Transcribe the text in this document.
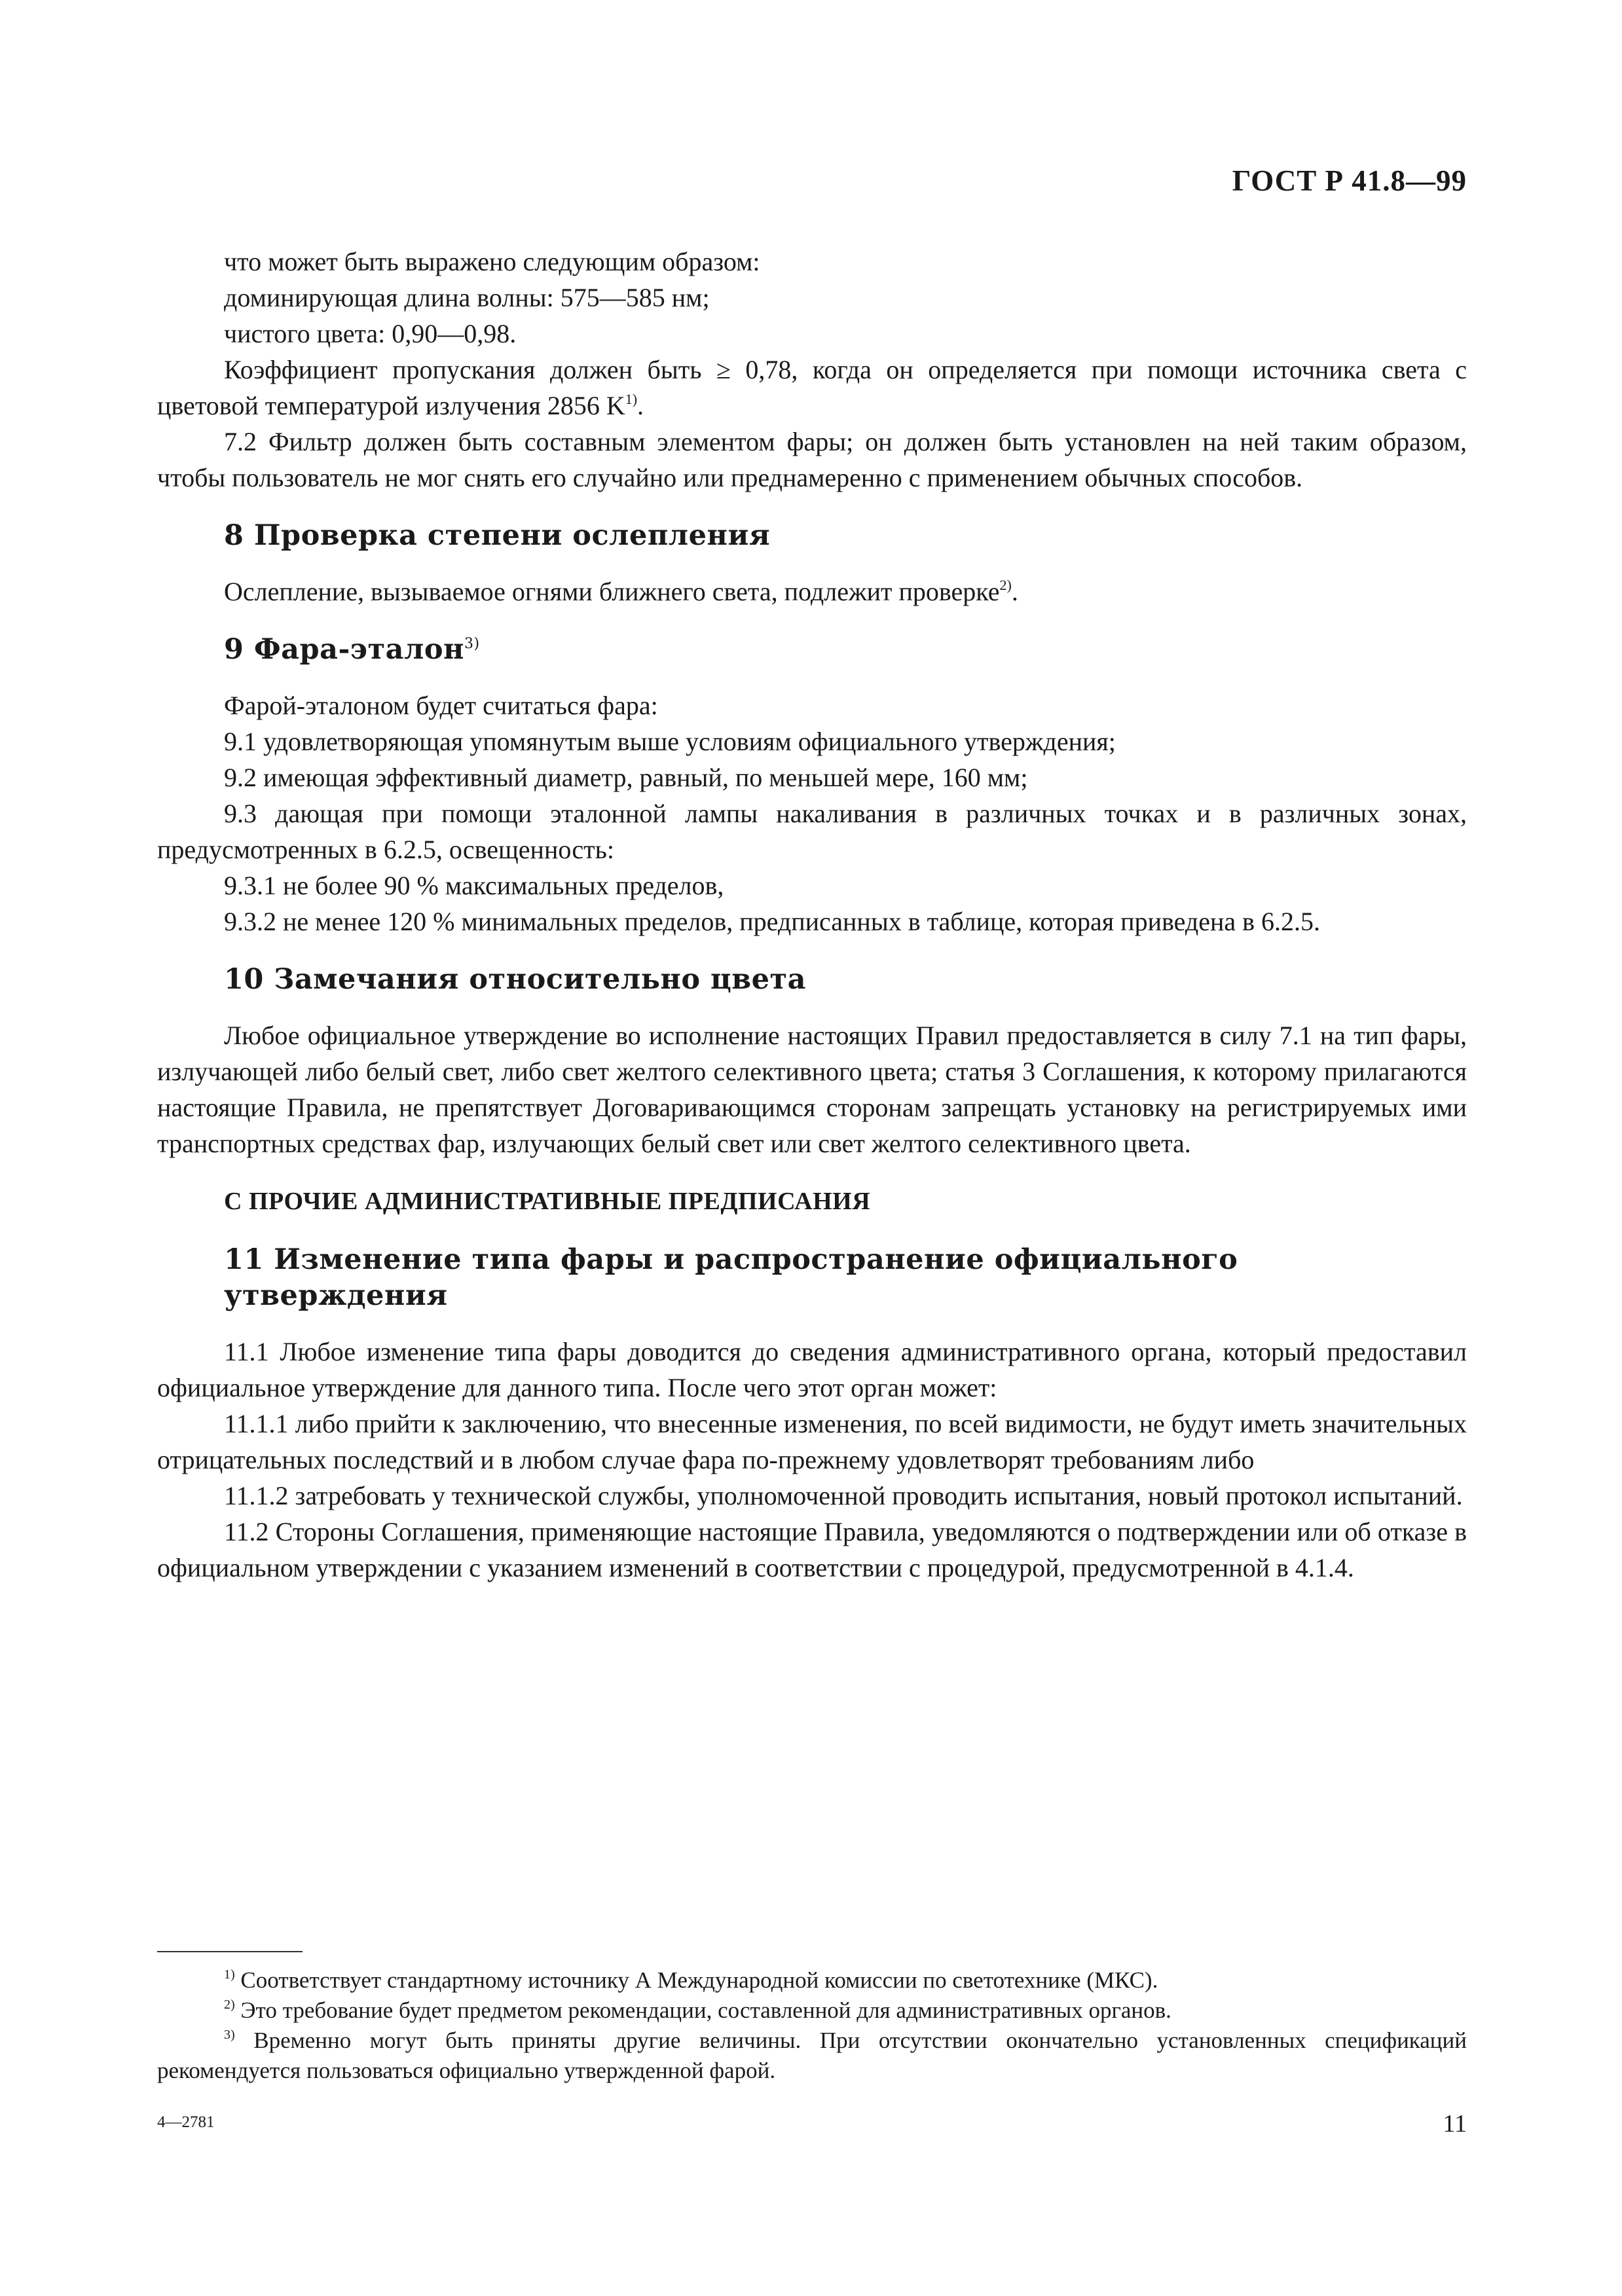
ГОСТ Р 41.8—99

что может быть выражено следующим образом:

доминирующая длина волны: 575—585 нм;

чистого цвета: 0,90—0,98.

Коэффициент пропускания должен быть ≥ 0,78, когда он определяется при помощи источника света с цветовой температурой излучения 2856 $K^{1)}$.

7.2 Фильтр должен быть составным элементом фары; он должен быть установлен на ней таким образом, чтобы пользователь не мог снять его случайно или преднамеренно с применением обычных способов.

8 Проверка степени ослепления

Ослепление, вызываемое огнями ближнего света, подлежит проверке$^{2)}$.

9 Фара-эталон$^{3)}$

Фарой-эталоном будет считаться фара:

9.1 удовлетворяющая упомянутым выше условиям официального утверждения;

9.2 имеющая эффективный диаметр, равный, по меньшей мере, 160 мм;

9.3 дающая при помощи эталонной лампы накаливания в различных точках и в различных зонах, предусмотренных в 6.2.5, освещенность:

9.3.1 не более 90 % максимальных пределов,

9.3.2 не менее 120 % минимальных пределов, предписанных в таблице, которая приведена в 6.2.5.

10 Замечания относительно цвета

Любое официальное утверждение во исполнение настоящих Правил предоставляется в силу 7.1 на тип фары, излучающей либо белый свет, либо свет желтого селективного цвета; статья 3 Соглашения, к которому прилагаются настоящие Правила, не препятствует Договаривающимся сторонам запрещать установку на регистрируемых ими транспортных средствах фар, излучающих белый свет или свет желтого селективного цвета.

C ПРОЧИЕ АДМИНИСТРАТИВНЫЕ ПРЕДПИСАНИЯ
11 Изменение типа фары и распространение официального утверждения

11.1 Любое изменение типа фары доводится до сведения административного органа, который предоставил официальное утверждение для данного типа. После чего этот орган может:

11.1.1 либо прийти к заключению, что внесенные изменения, по всей видимости, не будут иметь значительных отрицательных последствий и в любом случае фара по-прежнему удовлетворят требованиям либо

11.1.2 затребовать у технической службы, уполномоченной проводить испытания, новый протокол испытаний.

11.2 Стороны Соглашения, применяющие настоящие Правила, уведомляются о подтверждении или об отказе в официальном утверждении с указанием изменений в соответствии с процедурой, предусмотренной в 4.1.4.

$^{1)}$ Соответствует стандартному источнику А Международной комиссии по светотехнике (МКС).

$^{2)}$ Это требование будет предметом рекомендации, составленной для административных органов.

$^{3)}$ Временно могут быть приняты другие величины. При отсутствии окончательно установленных спецификаций рекомендуется пользоваться официально утвержденной фарой.

4—2781	11
